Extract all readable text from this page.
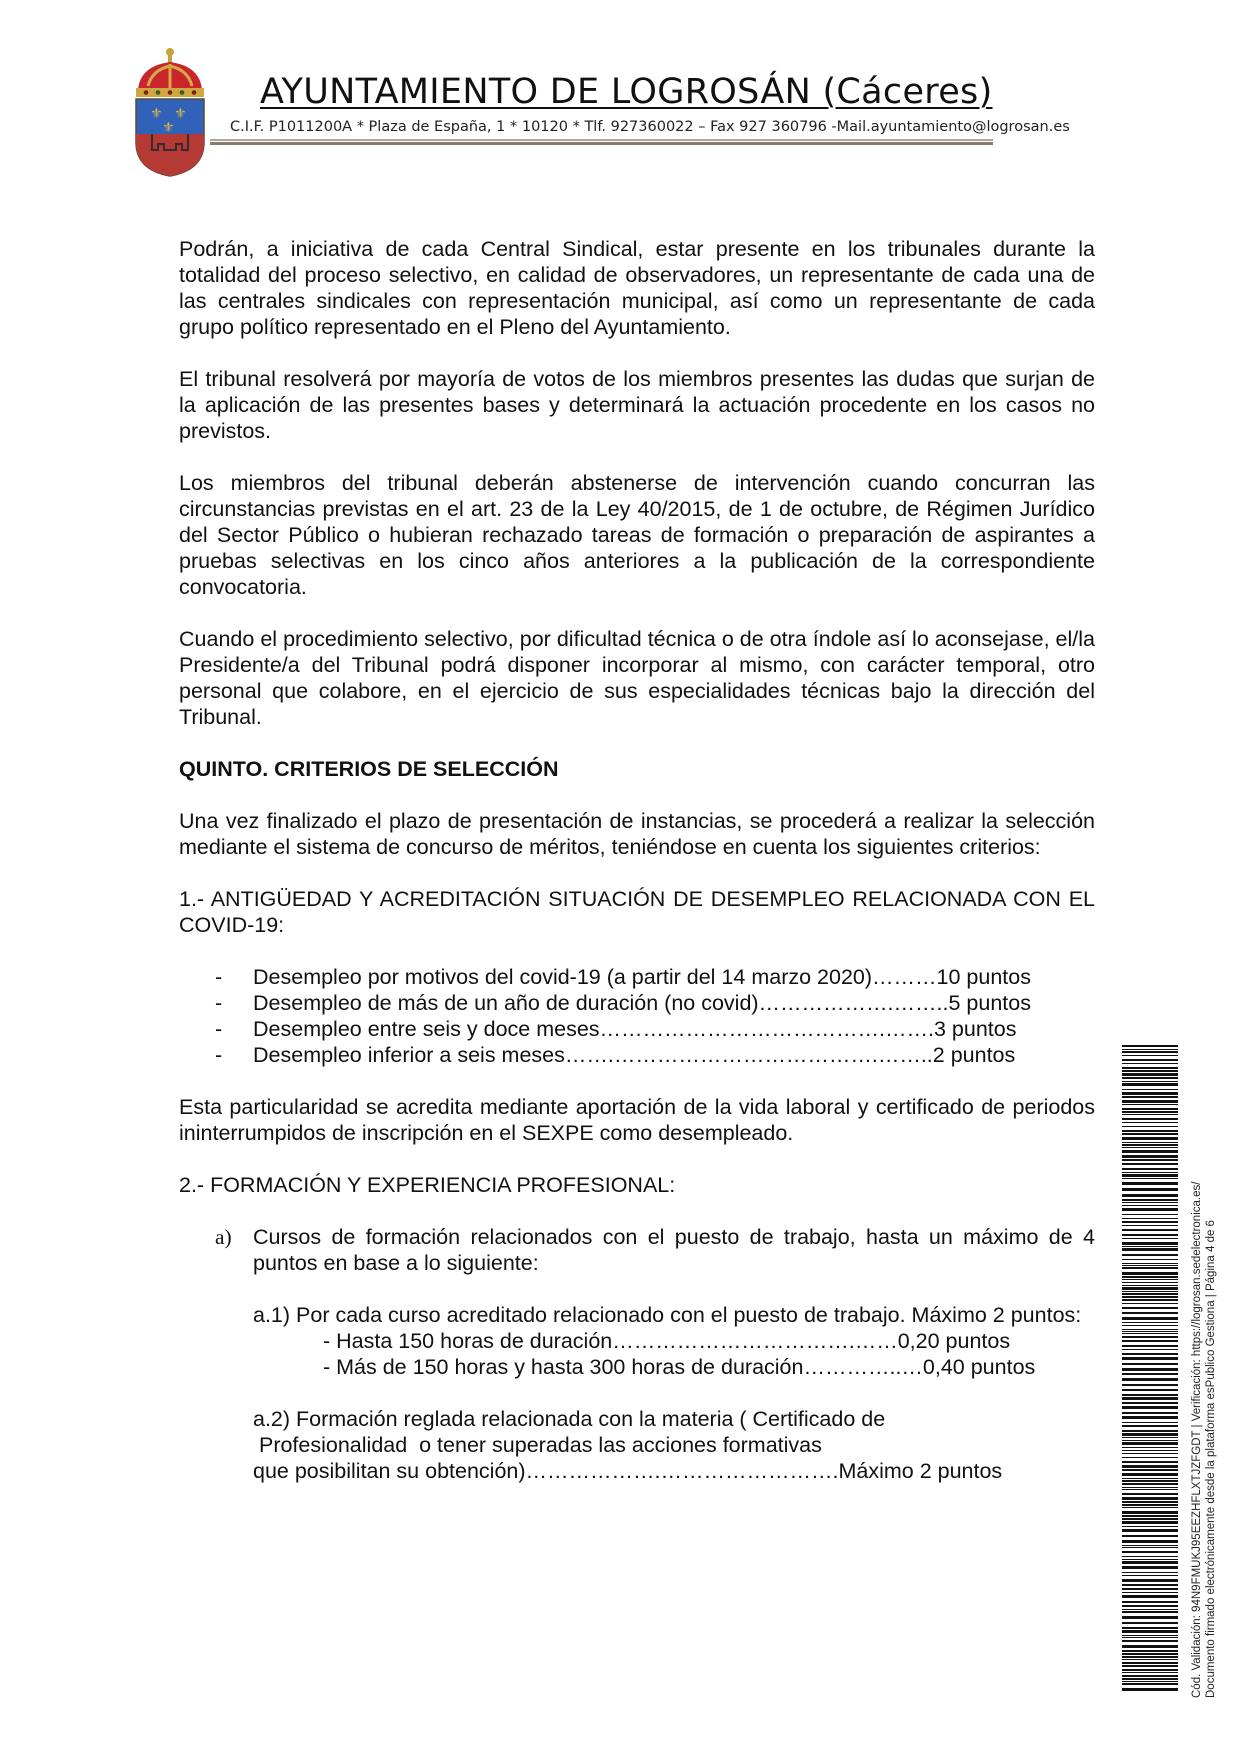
⚜ ⚜
⚜
AYUNTAMIENTO DE LOGROSÁN (Cáceres)
C.I.F. P1011200A * Plaza de España, 1 * 10120 * Tlf. 927360022 – Fax 927 360796 -Mail.ayuntamiento@logrosan.es

Podrán, a iniciativa de cada Central Sindical, estar presente en los tribunales durante la totalidad del proceso selectivo, en calidad de observadores, un representante de cada una de las centrales sindicales con representación municipal, así como un representante de cada grupo político representado en el Pleno del Ayuntamiento.

El tribunal resolverá por mayoría de votos de los miembros presentes las dudas que surjan de la aplicación de las presentes bases y determinará la actuación procedente en los casos no previstos.

Los miembros del tribunal deberán abstenerse de intervención cuando concurran las circunstancias previstas en el art. 23 de la Ley 40/2015, de 1 de octubre, de Régimen Jurídico del Sector Público o hubieran rechazado tareas de formación o preparación de aspirantes a pruebas selectivas en los cinco años anteriores a la publicación de la correspondiente convocatoria.

Cuando el procedimiento selectivo, por dificultad técnica o de otra índole así lo aconsejase, el/la Presidente/a del Tribunal podrá disponer incorporar al mismo, con carácter temporal, otro personal que colabore, en el ejercicio de sus especialidades técnicas bajo la dirección del Tribunal.

QUINTO. CRITERIOS DE SELECCIÓN

Una vez finalizado el plazo de presentación de instancias, se procederá a realizar la selección mediante el sistema de concurso de méritos, teniéndose en cuenta los siguientes criterios:

1.- ANTIGÜEDAD Y ACREDITACIÓN SITUACIÓN DE DESEMPLEO RELACIONADA CON EL COVID-19:

- Desempleo por motivos del covid-19 (a partir del 14 marzo 2020)………10 puntos
- Desempleo de más de un año de duración (no covid)……………….……..5 puntos
- Desempleo entre seis y doce meses………………………………….…….3 puntos
- Desempleo inferior a seis meses…….……………………………….……..2 puntos

Esta particularidad se acredita mediante aportación de la vida laboral y certificado de periodos ininterrumpidos de inscripción en el SEXPE como desempleado.

2.- FORMACIÓN Y EXPERIENCIA PROFESIONAL:

a) Cursos de formación relacionados con el puesto de trabajo, hasta un máximo de 4 puntos en base a lo siguiente:

a.1) Por cada curso acreditado relacionado con el puesto de trabajo. Máximo 2 puntos:

- Hasta 150 horas de duración…………………………….……0,20 puntos
- Más de 150 horas y hasta 300 horas de duración…………..…0,40 puntos
a.2) Formación reglada relacionada con la materia ( Certificado de
Profesionalidad  o tener superadas las acciones formativas
que posibilitan su obtención)……………….…………………….Máximo 2 puntos	Cód. Validación: 94N9FMUKJ95EEZHFLXTJZFGDT | Verificación: https://logrosan.sedelectronica.es/ Documento firmado electrónicamente desde la plataforma esPublico Gestiona | Página 4 de 6
